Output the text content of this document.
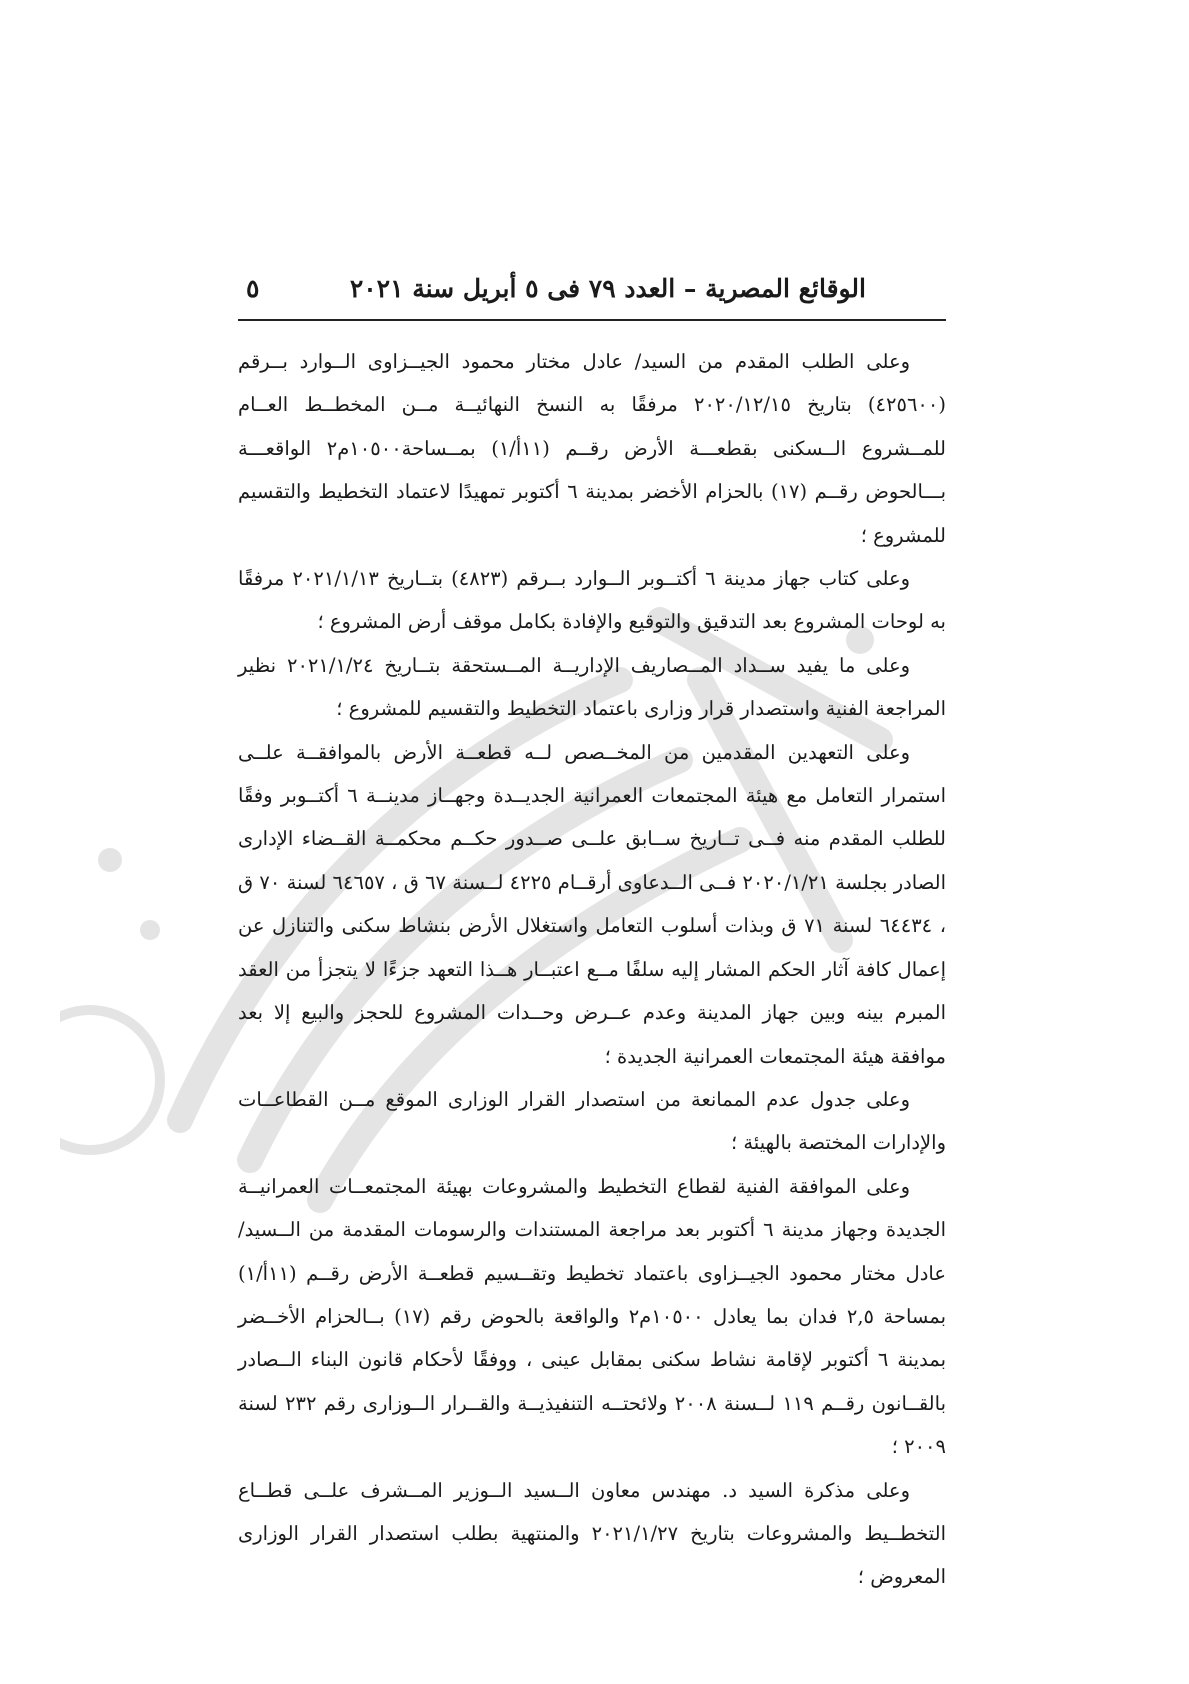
الوقائع المصرية – العدد ٧٩ فى ٥ أبريل سنة ٢٠٢١
٥

وعلى الطلب المقدم من السيد/ عادل مختار محمود الجيــزاوى الــوارد بــرقم (٤٢٥٦٠٠) بتاريخ ٢٠٢٠/١٢/١٥ مرفقًا به النسخ النهائيــة مــن المخطــط العــام للمــشروع الــسكنى بقطعـــة الأرض رقــم (١١أ/١) بمــساحة١٠٥٠٠م٢ الواقعـــة بـــالحوض رقــم (١٧) بالحزام الأخضر بمدينة ٦ أكتوبر تمهيدًا لاعتماد التخطيط والتقسيم للمشروع ؛

وعلى كتاب جهاز مدينة ٦ أكتــوبر الــوارد بــرقم (٤٨٢٣) بتــاريخ ٢٠٢١/١/١٣ مرفقًا به لوحات المشروع بعد التدقيق والتوقيع والإفادة بكامل موقف أرض المشروع ؛

وعلى ما يفيد ســداد المــصاريف الإداريــة المــستحقة بتــاريخ ٢٠٢١/١/٢٤ نظير المراجعة الفنية واستصدار قرار وزارى باعتماد التخطيط والتقسيم للمشروع ؛

وعلى التعهدين المقدمين من المخــصص لــه قطعــة الأرض بالموافقــة علــى استمرار التعامل مع هيئة المجتمعات العمرانية الجديــدة وجهــاز مدينــة ٦ أكتــوبر وفقًا للطلب المقدم منه فــى تــاريخ ســابق علــى صــدور حكــم محكمــة القــضاء الإدارى الصادر بجلسة ٢٠٢٠/١/٢١ فــى الــدعاوى أرقــام ٤٢٢٥ لــسنة ٦٧ ق ، ٦٤٦٥٧ لسنة ٧٠ ق ، ٦٤٤٣٤ لسنة ٧١ ق وبذات أسلوب التعامل واستغلال الأرض بنشاط سكنى والتنازل عن إعمال كافة آثار الحكم المشار إليه سلفًا مــع اعتبــار هــذا التعهد جزءًا لا يتجزأ من العقد المبرم بينه وبين جهاز المدينة وعدم عــرض وحــدات المشروع للحجز والبيع إلا بعد موافقة هيئة المجتمعات العمرانية الجديدة ؛

وعلى جدول عدم الممانعة من استصدار القرار الوزارى الموقع مــن القطاعــات والإدارات المختصة بالهيئة ؛

وعلى الموافقة الفنية لقطاع التخطيط والمشروعات بهيئة المجتمعــات العمرانيــة الجديدة وجهاز مدينة ٦ أكتوبر بعد مراجعة المستندات والرسومات المقدمة من الــسيد/ عادل مختار محمود الجيــزاوى باعتماد تخطيط وتقــسيم قطعــة الأرض رقــم (١١أ/١) بمساحة ٢,٥ فدان بما يعادل ١٠٥٠٠م٢ والواقعة بالحوض رقم (١٧) بــالحزام الأخــضر بمدينة ٦ أكتوبر لإقامة نشاط سكنى بمقابل عينى ، ووفقًا لأحكام قانون البناء الــصادر بالقــانون رقــم ١١٩ لــسنة ٢٠٠٨ ولائحتــه التنفيذيــة والقــرار الــوزارى رقم ٢٣٢ لسنة ٢٠٠٩ ؛

وعلى مذكرة السيد د. مهندس معاون الــسيد الــوزير المــشرف علــى قطــاع التخطــيط والمشروعات بتاريخ ٢٠٢١/١/٢٧ والمنتهية بطلب استصدار القرار الوزارى المعروض ؛
